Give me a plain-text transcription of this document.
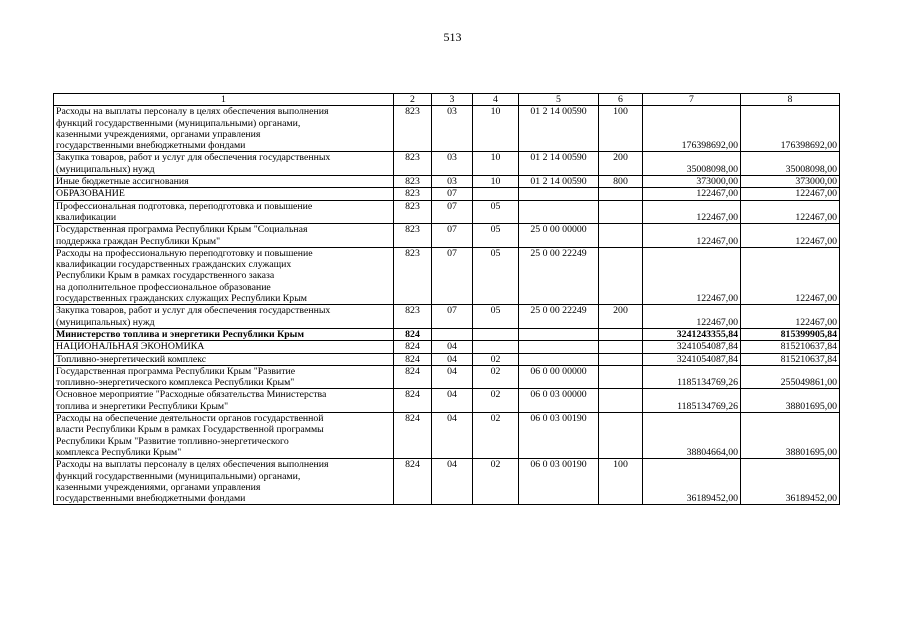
513
1	2	3	4	5	6	7	8
Расходы на выплаты персоналу в целях обеспечения выполнения
функций государственными (муниципальными) органами,
казенными учреждениями, органами управления
государственными внебюджетными фондами	823	03	10	01 2 14 00590	100	176398692,00	176398692,00
Закупка товаров, работ и услуг для обеспечения государственных
(муниципальных) нужд	823	03	10	01 2 14 00590	200	35008098,00	35008098,00
Иные бюджетные ассигнования	823	03	10	01 2 14 00590	800	373000,00	373000,00
ОБРАЗОВАНИЕ	823	07				122467,00	122467,00
Профессиональная подготовка, переподготовка и повышение
квалификации	823	07	05			122467,00	122467,00
Государственная программа Республики Крым "Социальная
поддержка граждан Республики Крым"	823	07	05	25 0 00 00000		122467,00	122467,00
Расходы на профессиональную переподготовку и повышение
квалификации государственных гражданских служащих
Республики Крым в рамках государственного заказа
на дополнительное профессиональное образование
государственных гражданских служащих Республики Крым	823	07	05	25 0 00 22249		122467,00	122467,00
Закупка товаров, работ и услуг для обеспечения государственных
(муниципальных) нужд	823	07	05	25 0 00 22249	200	122467,00	122467,00
Министерство топлива и энергетики Республики Крым	824					3241243355,84	815399905,84
НАЦИОНАЛЬНАЯ ЭКОНОМИКА	824	04				3241054087,84	815210637,84
Топливно-энергетический комплекс	824	04	02			3241054087,84	815210637,84
Государственная программа Республики Крым "Развитие
топливно-энергетического комплекса Республики Крым"	824	04	02	06 0 00 00000		1185134769,26	255049861,00
Основное мероприятие "Расходные обязательства Министерства
топлива и энергетики Республики Крым"	824	04	02	06 0 03 00000		1185134769,26	38801695,00
Расходы на обеспечение деятельности органов государственной
власти Республики Крым в рамках Государственной программы
Республики Крым "Развитие топливно-энергетического
комплекса Республики Крым"	824	04	02	06 0 03 00190		38804664,00	38801695,00
Расходы на выплаты персоналу в целях обеспечения выполнения
функций государственными (муниципальными) органами,
казенными учреждениями, органами управления
государственными внебюджетными фондами	824	04	02	06 0 03 00190	100	36189452,00	36189452,00
